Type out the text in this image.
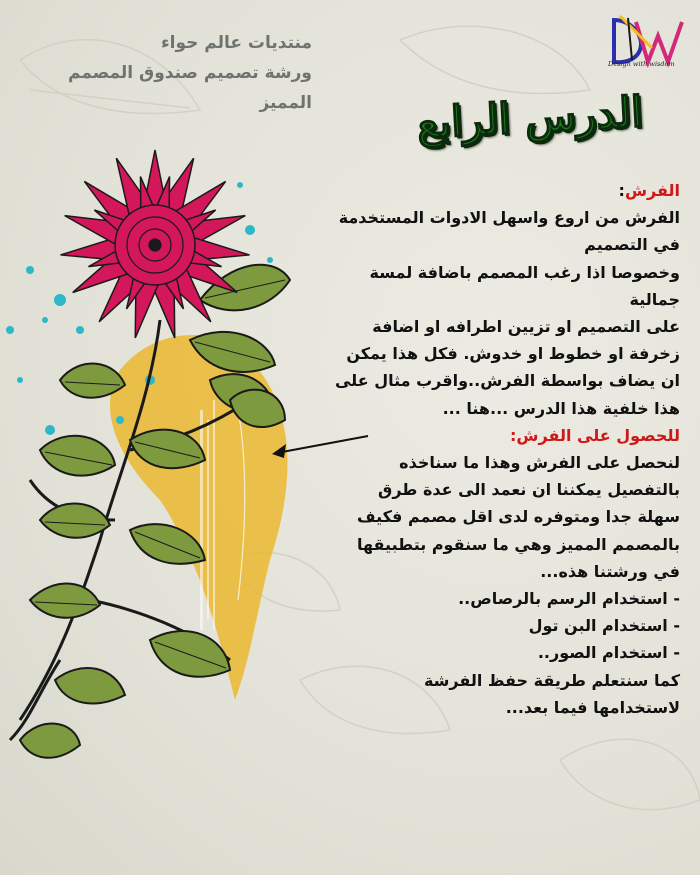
منتديات عالم حواء
ورشة تصميم صندوق المصمم
المميز
Design with wisdom
الدرس الرابع
الفرش:
الفرش من اروع واسهل الادوات المستخدمة
في التصميم
وخصوصا اذا رغب المصمم باضافة لمسة
جمالية
على التصميم او تزيين اطرافه او اضافة
زخرفة او خطوط او خدوش. فكل هذا يمكن
ان يضاف بواسطة الفرش..واقرب مثال على
هذا خلفية هذا الدرس ...هنا ...
للحصول على الفرش:
لنحصل على الفرش وهذا ما سناخذه
بالتفصيل يمكننا ان نعمد الى عدة طرق
سهلة جدا ومتوفره لدى اقل مصمم فكيف
بالمصمم المميز وهي ما سنقوم بتطبيقها
في ورشتنا هذه...
- استخدام الرسم بالرصاص..
- استخدام البن تول
- استخدام الصور..
كما سنتعلم طريقة حفظ الفرشة
لاستخدامها فيما بعد...
